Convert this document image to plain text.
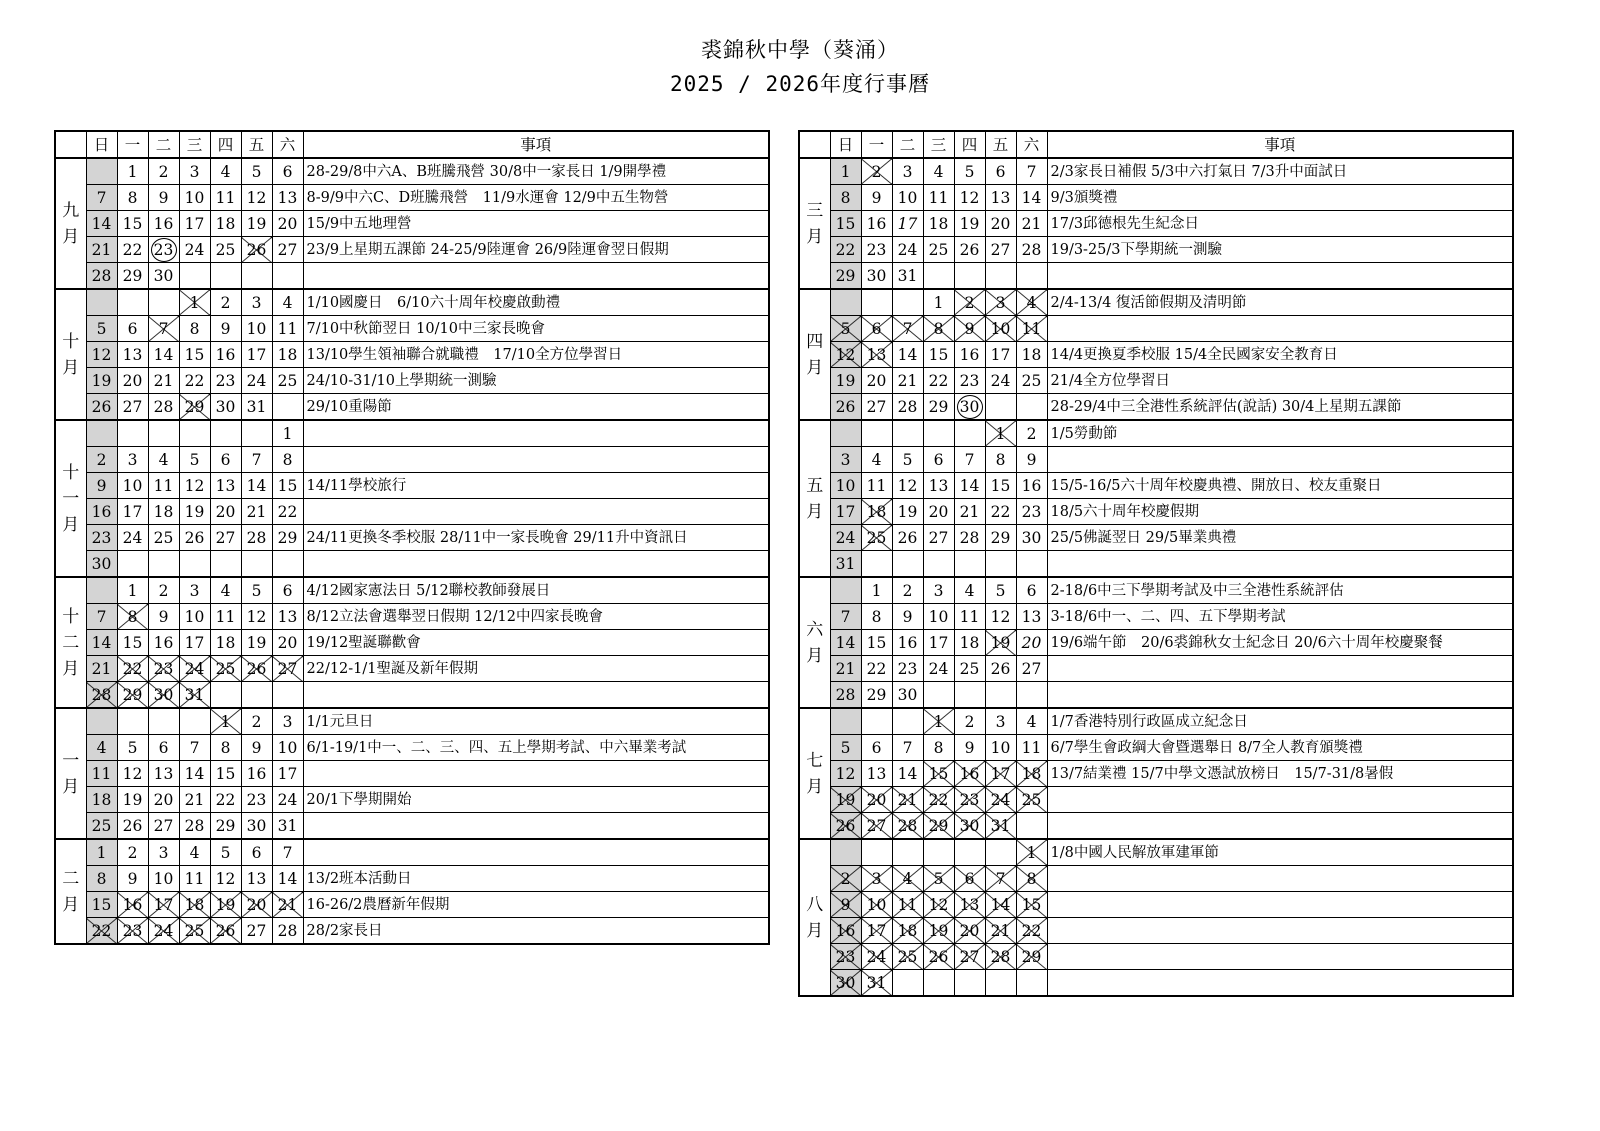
裘錦秋中學（葵涌）
2025 / 2026年度行事曆
	日	一	二	三	四	五	六	事項
九
月		1	2	3	4	5	6	28-29/8中六A、B班騰飛營 30/8中一家長日 1/9開學禮
	7	8	9	10	11	12	13	8-9/9中六C、D班騰飛營　11/9水運會 12/9中五生物營
	14	15	16	17	18	19	20	15/9中五地理營
	21	22	23	24	25	26	27	23/9上星期五課節 24-25/9陸運會 26/9陸運會翌日假期
	28	29	30					
十
月				1	2	3	4	1/10國慶日　6/10六十周年校慶啟動禮
	5	6	7	8	9	10	11	7/10中秋節翌日 10/10中三家長晚會
	12	13	14	15	16	17	18	13/10學生領袖聯合就職禮　17/10全方位學習日
	19	20	21	22	23	24	25	24/10-31/10上學期統一測驗
	26	27	28	29	30	31		29/10重陽節
十
一
月							1	
	2	3	4	5	6	7	8	
	9	10	11	12	13	14	15	14/11學校旅行
	16	17	18	19	20	21	22	
	23	24	25	26	27	28	29	24/11更換冬季校服 28/11中一家長晚會 29/11升中資訊日
	30							
十
二
月		1	2	3	4	5	6	4/12國家憲法日 5/12聯校教師發展日
	7	8	9	10	11	12	13	8/12立法會選舉翌日假期 12/12中四家長晚會
	14	15	16	17	18	19	20	19/12聖誕聯歡會
	21	22	23	24	25	26	27	22/12-1/1聖誕及新年假期
	28	29	30	31				
一
月					1	2	3	1/1元旦日
	4	5	6	7	8	9	10	6/1-19/1中一、二、三、四、五上學期考試、中六畢業考試
	11	12	13	14	15	16	17	
	18	19	20	21	22	23	24	20/1下學期開始
	25	26	27	28	29	30	31	
二
月	1	2	3	4	5	6	7	
	8	9	10	11	12	13	14	13/2班本活動日
	15	16	17	18	19	20	21	16-26/2農曆新年假期
	22	23	24	25	26	27	28	28/2家長日
	日	一	二	三	四	五	六	事項
三
月	1	2	3	4	5	6	7	2/3家長日補假 5/3中六打氣日 7/3升中面試日
	8	9	10	11	12	13	14	9/3頒獎禮
	15	16	17	18	19	20	21	17/3邱德根先生紀念日
	22	23	24	25	26	27	28	19/3-25/3下學期統一測驗
	29	30	31					
四
月				1	2	3	4	2/4-13/4 復活節假期及清明節
	5	6	7	8	9	10	11	
	12	13	14	15	16	17	18	14/4更換夏季校服 15/4全民國家安全教育日
	19	20	21	22	23	24	25	21/4全方位學習日
	26	27	28	29	30			28-29/4中三全港性系統評估(說話) 30/4上星期五課節
五
月						1	2	1/5勞動節
	3	4	5	6	7	8	9	
	10	11	12	13	14	15	16	15/5-16/5六十周年校慶典禮、開放日、校友重聚日
	17	18	19	20	21	22	23	18/5六十周年校慶假期
	24	25	26	27	28	29	30	25/5佛誕翌日 29/5畢業典禮
	31							
六
月		1	2	3	4	5	6	2-18/6中三下學期考試及中三全港性系統評估
	7	8	9	10	11	12	13	3-18/6中一、二、四、五下學期考試
	14	15	16	17	18	19	20	19/6端午節　20/6裘錦秋女士紀念日 20/6六十周年校慶聚餐
	21	22	23	24	25	26	27	
	28	29	30					
七
月				1	2	3	4	1/7香港特別行政區成立紀念日
	5	6	7	8	9	10	11	6/7學生會政綱大會暨選舉日 8/7全人教育頒獎禮
	12	13	14	15	16	17	18	13/7結業禮 15/7中學文憑試放榜日　15/7-31/8暑假
	19	20	21	22	23	24	25	
	26	27	28	29	30	31		
八
月							1	1/8中國人民解放軍建軍節
	2	3	4	5	6	7	8	
	9	10	11	12	13	14	15	
	16	17	18	19	20	21	22	
	23	24	25	26	27	28	29	
	30	31						
